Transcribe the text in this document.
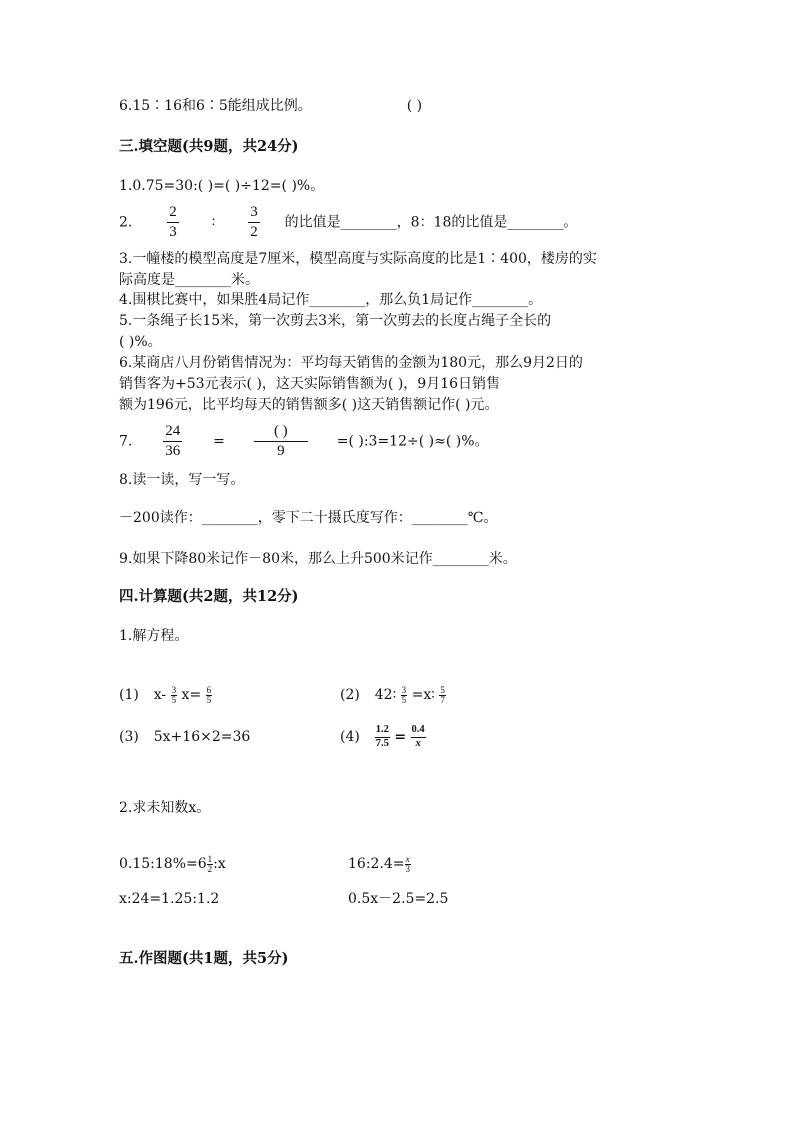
6.15∶16和6∶5能组成比例。	( )
三.填空题(共9题，共24分)
1.0.75=30:( )=( )÷12=( )%。
2. $\frac{2}{3}$ ∶ $\frac{3}{2}$ 的比值是________，8：18的比值是________。
3.一幢楼的模型高度是7厘米，模型高度与实际高度的比是1∶400，楼房的实
际高度是________米。
4.围棋比赛中，如果胜4局记作________，那么负1局记作________。
5.一条绳子长15米，第一次剪去3米，第一次剪去的长度占绳子全长的
( )%。
6.某商店八月份销售情况为：平均每天销售的金额为180元，那么9月2日的
销售客为+53元表示( )，这天实际销售额为( )，9月16日销售
额为196元，比平均每天的销售额多( )这天销售额记作( )元。
7. $\frac{24}{36} = \frac{( )}{9}$ =( ):3=12÷( )≈( )%。
8.读一读，写一写。
－200读作：________，零下二十摄氏度写作：________℃。
9.如果下降80米记作－80米，那么上升500米记作________米。
四.计算题(共2题，共12分)
1.解方程。
(1) $x- \frac{3}{5} x= \frac{6}{5}$	(2) 42∶ $\frac{3}{5}$ =x∶ $\frac{5}{7}$
(3) 5x+16×2=36	$(4) \frac{1.2}{7.5} = \frac{0.4}{x}$
2.求未知数x。
0.15:18%=6 $\frac{1}{2}$ :x	16:2.4= $\frac{x}{3}$
x:24=1.25:1.2	0.5x－2.5=2.5
五.作图题(共1题，共5分)
